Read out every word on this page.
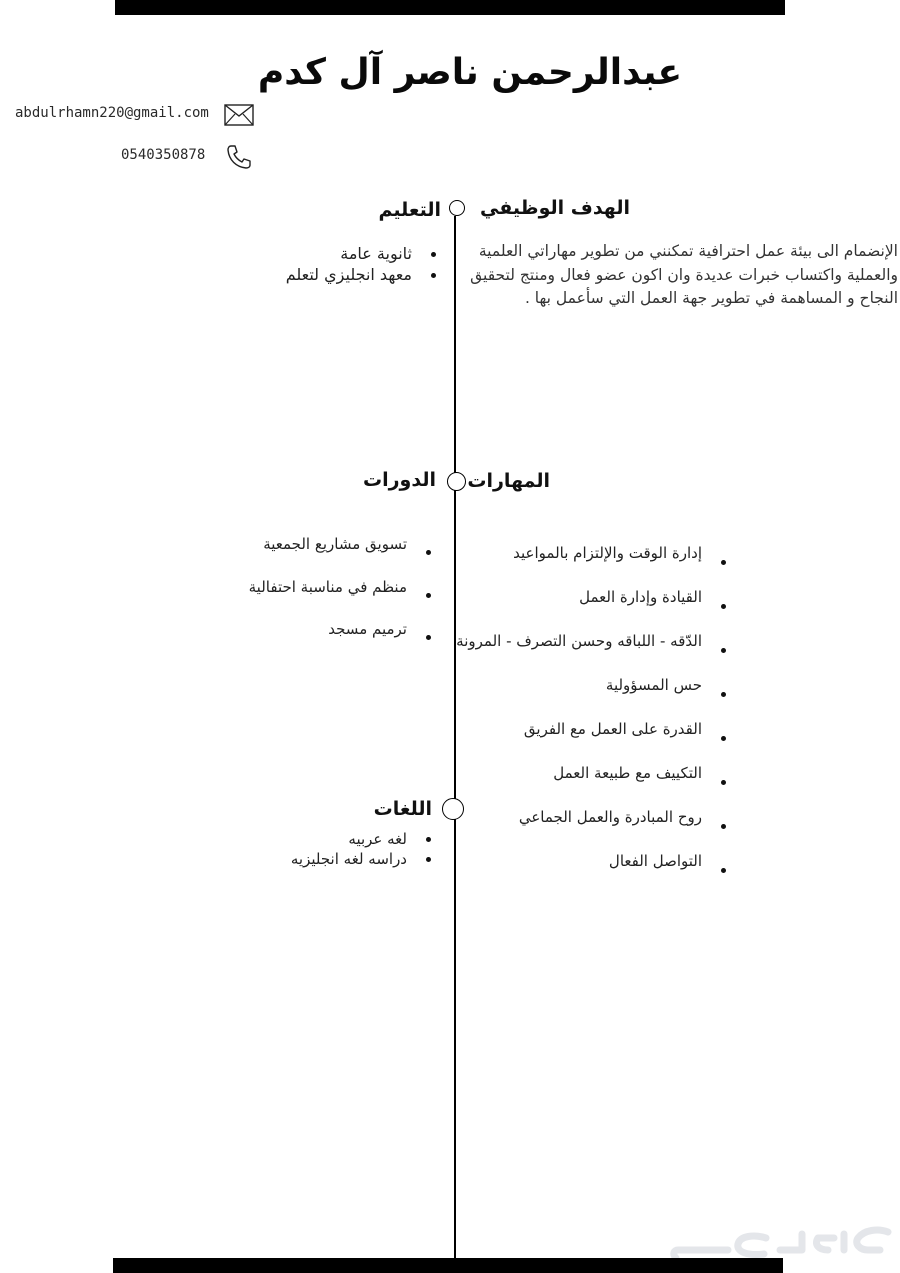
عبدالرحمن ناصر آل كدم
abdulrhamn220@gmail.com
0540350878
الهدف الوظيفي
الإنضمام الى بيئة عمل احترافية تمكنني من تطوير مهاراتي العلمية والعملية واكتساب خبرات عديدة وان اكون عضو فعال ومنتج لتحقيق النجاح و المساهمة في تطوير جهة العمل التي سأعمل بها .
التعليم
ثانوية عامة
معهد انجليزي لتعلم
المهارات
إدارة الوقت والإلتزام بالمواعيد
القيادة وإدارة العمل
الدّقه - اللباقه وحسن التصرف - المرونة
حس المسؤولية
القدرة على العمل مع الفريق
التكييف مع طبيعة العمل
روح المبادرة والعمل الجماعي
التواصل الفعال
الدورات
تسويق مشاريع الجمعية
منظم في مناسبة احتفالية
ترميم مسجد
اللغات
لغه عربيه
دراسه لغه انجليزيه
